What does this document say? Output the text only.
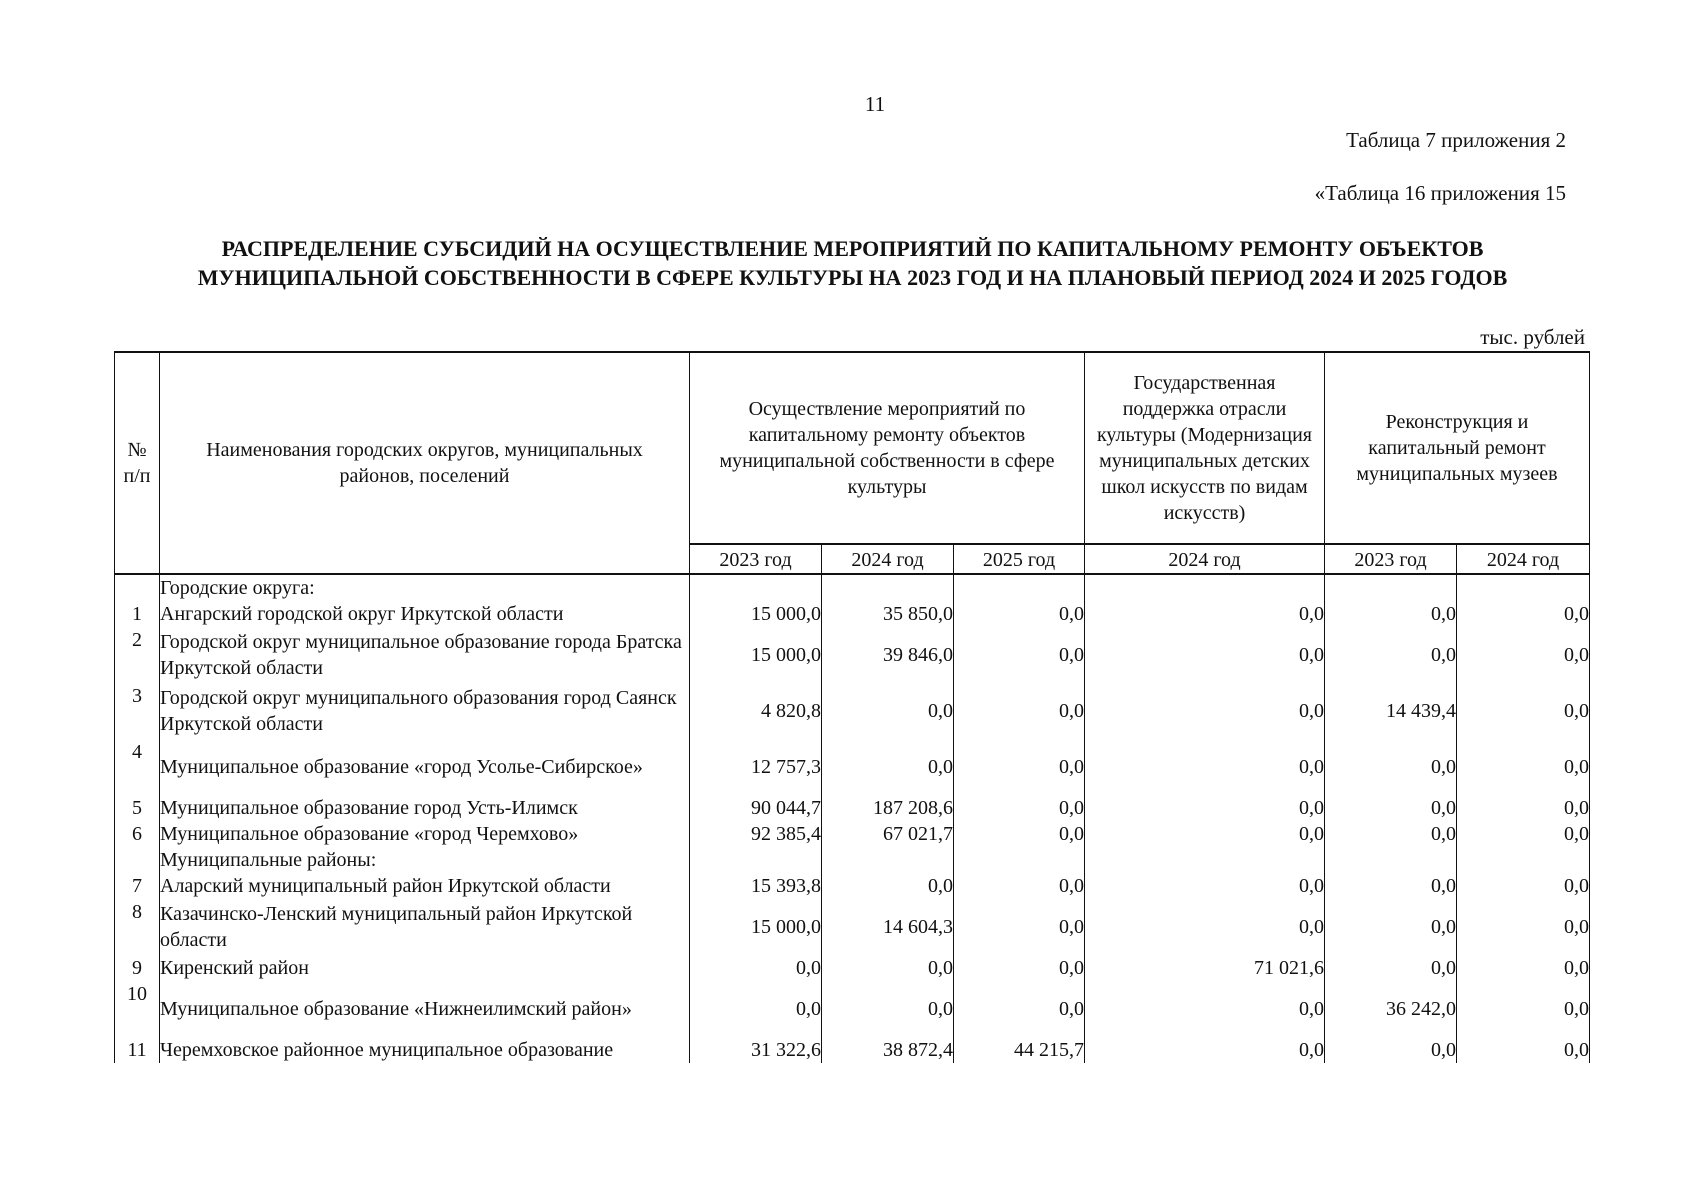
11
Таблица 7 приложения 2
«Таблица 16 приложения 15
РАСПРЕДЕЛЕНИЕ СУБСИДИЙ НА ОСУЩЕСТВЛЕНИЕ МЕРОПРИЯТИЙ ПО КАПИТАЛЬНОМУ РЕМОНТУ ОБЪЕКТОВ
МУНИЦИПАЛЬНОЙ СОБСТВЕННОСТИ В СФЕРЕ КУЛЬТУРЫ НА 2023 ГОД И НА ПЛАНОВЫЙ ПЕРИОД 2024 И 2025 ГОДОВ
тыс. рублей
№ п/п	Наименования городских округов, муниципальных районов, поселений	Осуществление мероприятий по капитальному ремонту объектов муниципальной собственности в сфере культуры			Государственная поддержка отрасли культуры (Модернизация муниципальных детских школ искусств по видам искусств)	Реконструкция и капитальный ремонт муниципальных музеев	
		2023 год	2024 год	2025 год	2024 год	2023 год	2024 год
	Городские округа:						
1	Ангарский городской округ Иркутской области	15 000,0	35 850,0	0,0	0,0	0,0	0,0
2	Городской округ муниципальное образование города Братска Иркутской области	15 000,0	39 846,0	0,0	0,0	0,0	0,0
3	Городской округ муниципального образования город Саянск Иркутской области	4 820,8	0,0	0,0	0,0	14 439,4	0,0
4	Муниципальное образование «город Усолье-Сибирское»	12 757,3	0,0	0,0	0,0	0,0	0,0
5	Муниципальное образование город Усть-Илимск	90 044,7	187 208,6	0,0	0,0	0,0	0,0
6	Муниципальное образование «город Черемхово»	92 385,4	67 021,7	0,0	0,0	0,0	0,0
	Муниципальные районы:						
7	Аларский муниципальный район Иркутской области	15 393,8	0,0	0,0	0,0	0,0	0,0
8	Казачинско-Ленский муниципальный район Иркутской области	15 000,0	14 604,3	0,0	0,0	0,0	0,0
9	Киренский район	0,0	0,0	0,0	71 021,6	0,0	0,0
10	Муниципальное образование «Нижнеилимский район»	0,0	0,0	0,0	0,0	36 242,0	0,0
11	Черемховское районное муниципальное образование	31 322,6	38 872,4	44 215,7	0,0	0,0	0,0
